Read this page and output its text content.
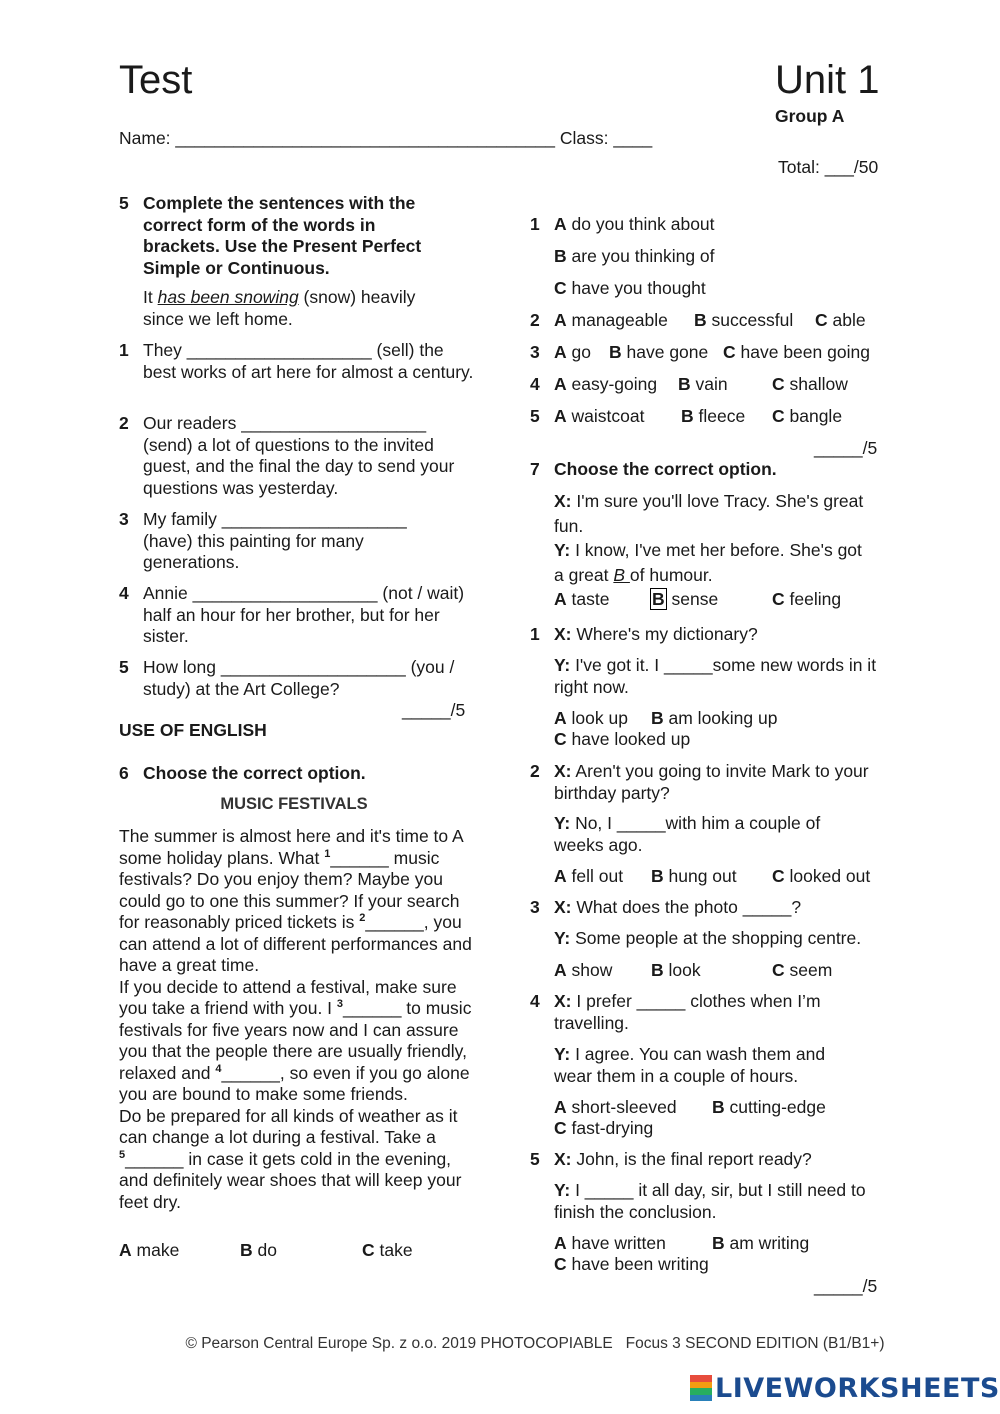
Test	Unit 1
Group A
Name: _______________________________________ Class: ____
Total: ___/50
5 Complete the sentences with the correct form of the words in brackets. Use the Present Perfect Simple or Continuous.
It has been snowing (snow) heavily since we left home.
1 They ___________________ (sell) the best works of art here for almost a century.
2 Our readers ___________________ (send) a lot of questions to the invited guest, and the final the day to send your questions was yesterday.
3 My family ___________________ (have) this painting for many generations.
4 Annie ___________________ (not / wait) half an hour for her brother, but for her sister.
5 How long ___________________ (you / study) at the Art College?
_____/5
USE OF ENGLISH
6 Choose the correct option.
MUSIC FESTIVALS
The summer is almost here and it's time to A some holiday plans. What $^1$______ music festivals? Do you enjoy them? Maybe you could go to one this summer? If your search for reasonably priced tickets is $^2$______, you can attend a lot of different performances and have a great time.
If you decide to attend a festival, make sure you take a friend with you. I $^3$______ to music festivals for five years now and I can assure you that the people there are usually friendly, relaxed and $^4$______, so even if you go alone you are bound to make some friends.
Do be prepared for all kinds of weather as it can change a lot during a festival. Take a $^5$______ in case it gets cold in the evening, and definitely wear shoes that will keep your feet dry.
A make	B do	C take
1 A do you think about
B are you thinking of
C have you thought
2 A manageable B successful C able
3 A go B have gone C have been going
4 A easy-going B vain	C shallow
5 A waistcoat B fleece C bangle
_____/5
7 Choose the correct option.
X: I'm sure you'll love Tracy. She's great fun.
Y: I know, I've met her before. She's got a great B of humour.
A taste B sense	C feeling
1 X: Where's my dictionary?
Y: I've got it. I _____some new words in it right now.
A look up B am looking up
C have looked up
2 X: Aren't you going to invite Mark to your birthday party?
Y: No, I _____with him a couple of weeks ago.
A fell out B hung out C looked out
3 X: What does the photo _____?
Y: Some people at the shopping centre.
A show B look	C seem
4 X: I prefer _____ clothes when I’m travelling.
Y: I agree. You can wash them and wear them in a couple of hours.
A short-sleeved B cutting-edge
C fast-drying
5 X: John, is the final report ready?
Y: I _____ it all day, sir, but I still need to finish the conclusion.
A have written	B am writing
C have been writing
_____/5
© Pearson Central Europe Sp. z o.o. 2019 PHOTOCOPIABLE   Focus 3 SECOND EDITION (B1/B1+)
LIVEWORKSHEETS
